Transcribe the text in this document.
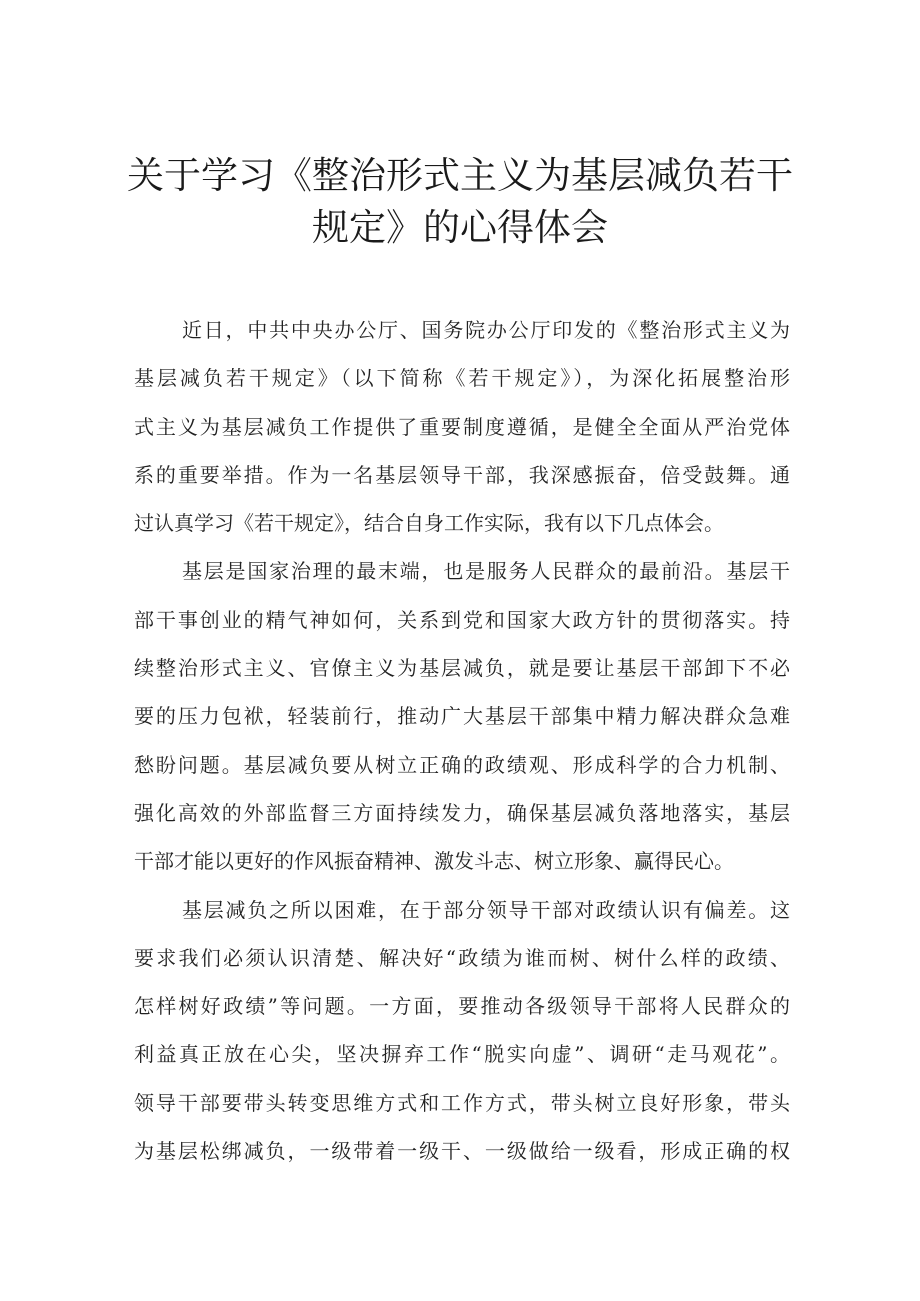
关于学习《整治形式主义为基层减负若干
规定》的心得体会
近日，中共中央办公厅、国务院办公厅印发的《整治形式主义为
基层减负若干规定》（以下简称《若干规定》），为深化拓展整治形
式主义为基层减负工作提供了重要制度遵循，是健全全面从严治党体
系的重要举措。作为一名基层领导干部，我深感振奋，倍受鼓舞。通
过认真学习《若干规定》，结合自身工作实际，我有以下几点体会。
基层是国家治理的最末端，也是服务人民群众的最前沿。基层干
部干事创业的精气神如何，关系到党和国家大政方针的贯彻落实。持
续整治形式主义、官僚主义为基层减负，就是要让基层干部卸下不必
要的压力包袱，轻装前行，推动广大基层干部集中精力解决群众急难
愁盼问题。基层减负要从树立正确的政绩观、形成科学的合力机制、
强化高效的外部监督三方面持续发力，确保基层减负落地落实，基层
干部才能以更好的作风振奋精神、激发斗志、树立形象、赢得民心。
基层减负之所以困难，在于部分领导干部对政绩认识有偏差。这
要求我们必须认识清楚、解决好“政绩为谁而树、树什么样的政绩、
怎样树好政绩”等问题。一方面，要推动各级领导干部将人民群众的
利益真正放在心尖，坚决摒弃工作“脱实向虚”、调研“走马观花”。
领导干部要带头转变思维方式和工作方式，带头树立良好形象，带头
为基层松绑减负，一级带着一级干、一级做给一级看，形成正确的权
